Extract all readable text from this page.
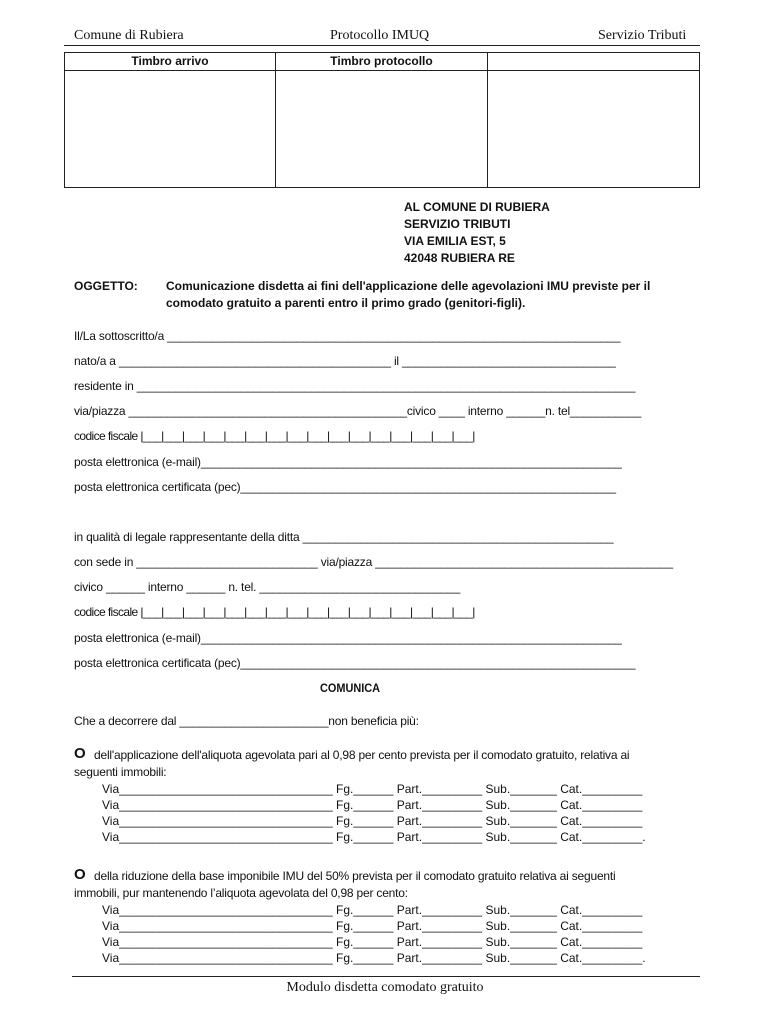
Comune di Rubiera	Protocollo IMUQ	Servizio Tributi
Timbro arrivo	Timbro protocollo
AL COMUNE DI RUBIERA
SERVIZIO TRIBUTI
VIA EMILIA EST, 5
42048 RUBIERA RE
OGGETTO: Comunicazione disdetta ai fini dell'applicazione delle agevolazioni IMU previste per il
comodato gratuito a parenti entro il primo grado (genitori-figli).
Il/La sottoscritto/a ______________________________________________________________________
nato/a a __________________________________________ il _________________________________
residente in _____________________________________________________________________________
via/piazza ___________________________________________civico ____ interno ______n. tel___________
codice fiscale |___|___|___|___|___|___|___|___|___|___|___|___|___|___|___|___|
posta elettronica (e-mail)_________________________________________________________________
posta elettronica certificata (pec)__________________________________________________________
in qualità di legale rappresentante della ditta ________________________________________________
con sede in ____________________________ via/piazza ______________________________________________
civico ______ interno ______ n. tel. _______________________________
codice fiscale |___|___|___|___|___|___|___|___|___|___|___|___|___|___|___|___|
posta elettronica (e-mail)_________________________________________________________________
posta elettronica certificata (pec)_____________________________________________________________
COMUNICA
Che a decorrere dal _______________________non beneficia più:
O dell'applicazione dell'aliquota agevolata pari al 0,98 per cento prevista per il comodato gratuito, relativa ai
seguenti immobili:
Via________________________________ Fg.______ Part._________ Sub._______ Cat._________
Via________________________________ Fg.______ Part._________ Sub._______ Cat._________
Via________________________________ Fg.______ Part._________ Sub._______ Cat._________
Via________________________________ Fg.______ Part._________ Sub._______ Cat._________.
O della riduzione della base imponibile IMU del 50% prevista per il comodato gratuito relativa ai seguenti
immobili, pur mantenendo l’aliquota agevolata del 0,98 per cento:
Via________________________________ Fg.______ Part._________ Sub._______ Cat._________
Via________________________________ Fg.______ Part._________ Sub._______ Cat._________
Via________________________________ Fg.______ Part._________ Sub._______ Cat._________
Via________________________________ Fg.______ Part._________ Sub._______ Cat._________.
Modulo disdetta comodato gratuito
